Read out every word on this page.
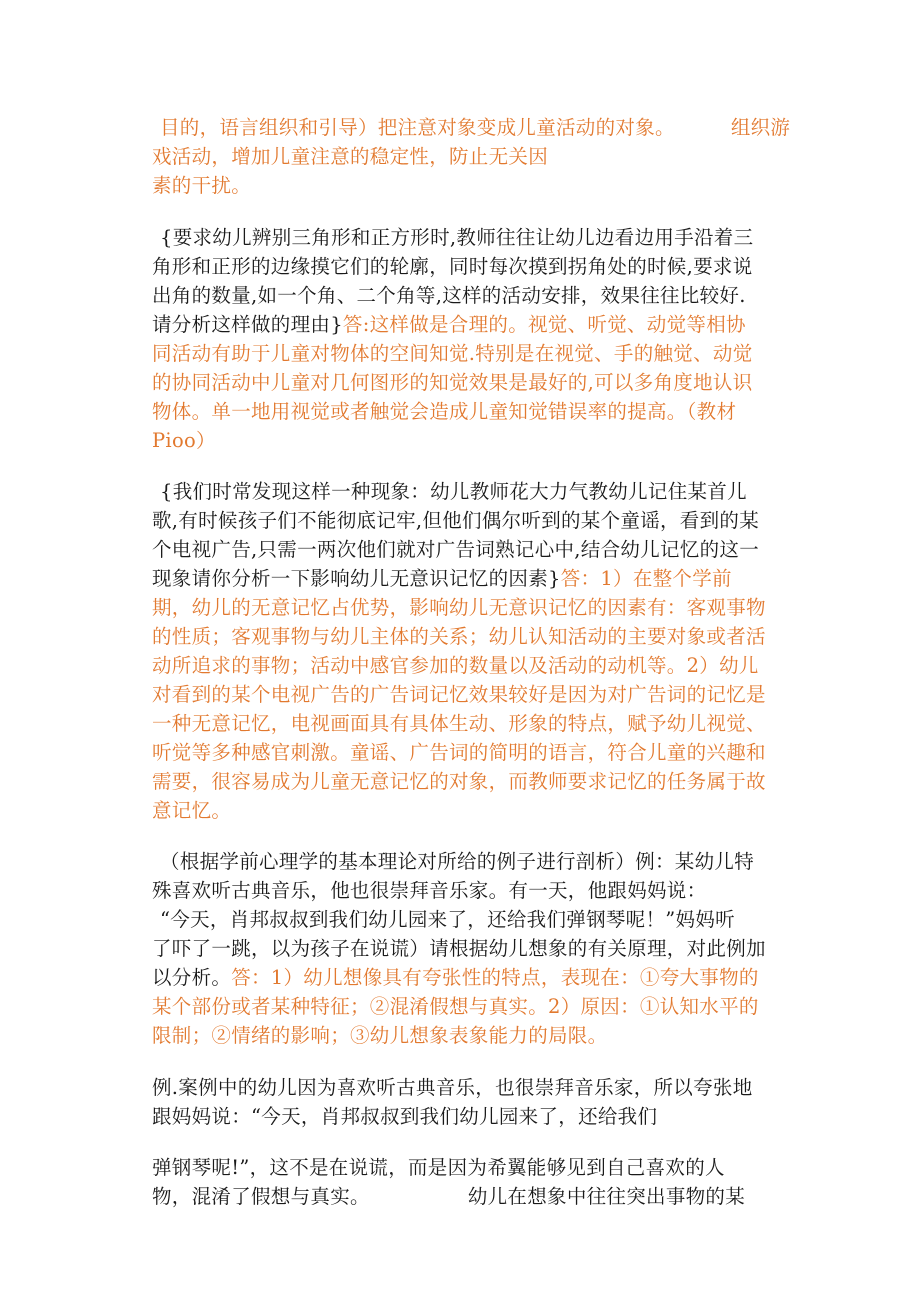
目的，语言组织和引导）把注意对象变成儿童活动的对象。	组织游
戏活动，增加儿童注意的稳定性，防止无关因
素的干扰。
{要求幼儿辨别三角形和正方形时,教师往往让幼儿边看边用手沿着三
角形和正形的边缘摸它们的轮廓，同时每次摸到拐角处的时候,要求说
出角的数量,如一个角、二个角等,这样的活动安排，效果往往比较好.
请分析这样做的理由}答:这样做是合理的。视觉、听觉、动觉等相协
同活动有助于儿童对物体的空间知觉.特别是在视觉、手的触觉、动觉
的协同活动中儿童对几何图形的知觉效果是最好的,可以多角度地认识
物体。单一地用视觉或者触觉会造成儿童知觉错误率的提高。（教材
Pioo）
{我们时常发现这样一种现象：幼儿教师花大力气教幼儿记住某首儿
歌,有时候孩子们不能彻底记牢,但他们偶尔听到的某个童谣，看到的某
个电视广告,只需一两次他们就对广告词熟记心中,结合幼儿记忆的这一
现象请你分析一下影响幼儿无意识记忆的因素}答：1）在整个学前
期，幼儿的无意记忆占优势，影响幼儿无意识记忆的因素有：客观事物
的性质；客观事物与幼儿主体的关系；幼儿认知活动的主要对象或者活
动所追求的事物；活动中感官参加的数量以及活动的动机等。2）幼儿
对看到的某个电视广告的广告词记忆效果较好是因为对广告词的记忆是
一种无意记忆，电视画面具有具体生动、形象的特点，赋予幼儿视觉、
听觉等多种感官刺激。童谣、广告词的简明的语言，符合儿童的兴趣和
需要，很容易成为儿童无意记忆的对象，而教师要求记忆的任务属于故
意记忆。
（根据学前心理学的基本理论对所给的例子进行剖析）例：某幼儿特
殊喜欢听古典音乐，他也很崇拜音乐家。有一天，他跟妈妈说：
“今天，肖邦叔叔到我们幼儿园来了，还给我们弹钢琴呢！”妈妈听
了吓了一跳，以为孩子在说谎）请根据幼儿想象的有关原理，对此例加
以分析。答：1）幼儿想像具有夸张性的特点，表现在：①夸大事物的
某个部份或者某种特征；②混淆假想与真实。2）原因：①认知水平的
限制；②情绪的影响；③幼儿想象表象能力的局限。
例.案例中的幼儿因为喜欢听古典音乐，也很崇拜音乐家，所以夸张地
跟妈妈说：“今天，肖邦叔叔到我们幼儿园来了，还给我们
弹钢琴呢!”，这不是在说谎，而是因为希翼能够见到自己喜欢的人
物，混淆了假想与真实。	幼儿在想象中往往突出事物的某
